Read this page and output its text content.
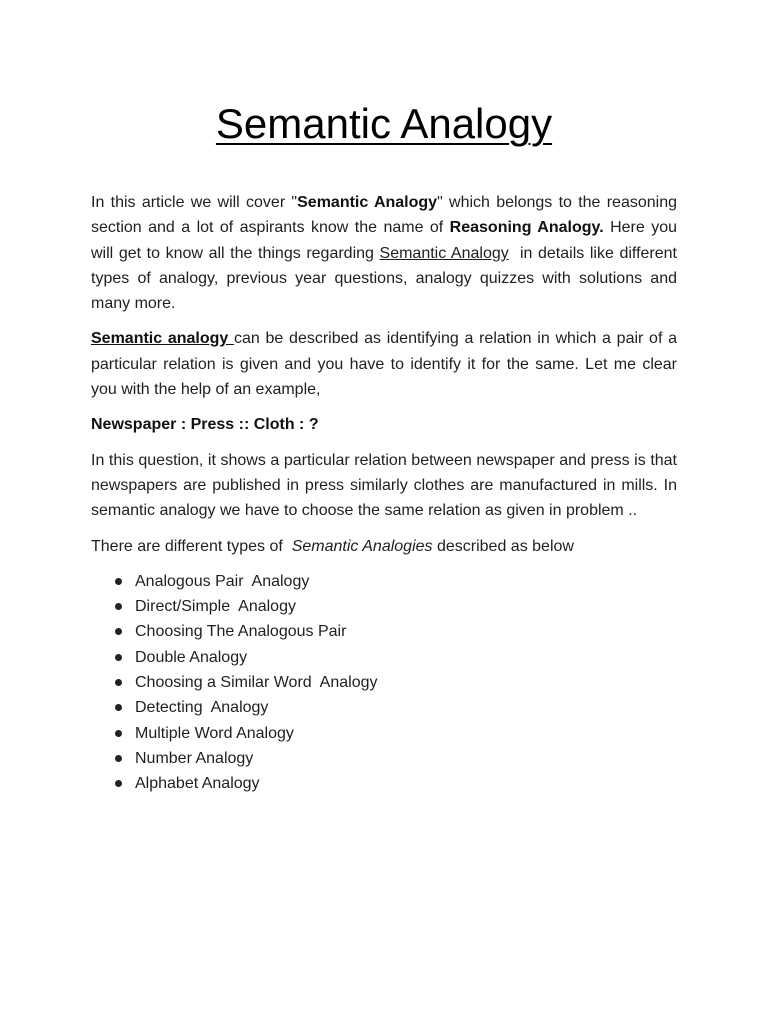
Semantic Analogy

In this article we will cover "Semantic Analogy" which belongs to the reasoning section and a lot of aspirants know the name of Reasoning Analogy. Here you will get to know all the things regarding Semantic Analogy  in details like different types of analogy, previous year questions, analogy quizzes with solutions and many more.

Semantic analogy can be described as identifying a relation in which a pair of a particular relation is given and you have to identify it for the same. Let me clear you with the help of an example,

Newspaper : Press :: Cloth : ?

In this question, it shows a particular relation between newspaper and press is that newspapers are published in press similarly clothes are manufactured in mills. In semantic analogy we have to choose the same relation as given in problem ..

There are different types of  Semantic Analogies described as below

Analogous Pair  Analogy
Direct/Simple  Analogy
Choosing The Analogous Pair
Double Analogy
Choosing a Similar Word  Analogy
Detecting  Analogy
Multiple Word Analogy
Number Analogy
Alphabet Analogy
